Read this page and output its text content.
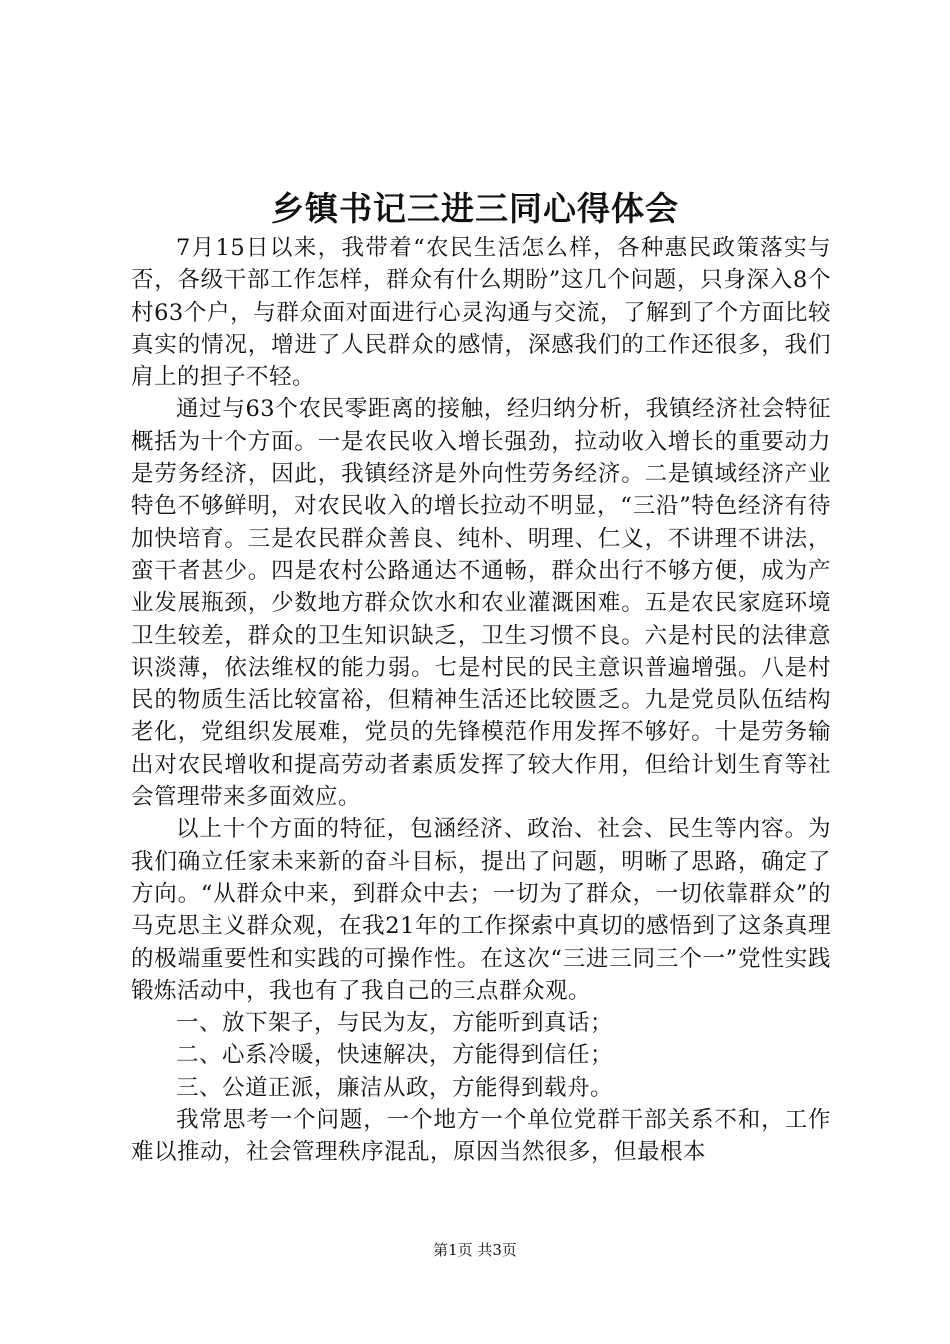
乡镇书记三进三同心得体会

7月15日以来，我带着“农民生活怎么样，各种惠民政策落实与否，各级干部工作怎样，群众有什么期盼”这几个问题，只身深入8个村63个户，与群众面对面进行心灵沟通与交流，了解到了个方面比较真实的情况，增进了人民群众的感情，深感我们的工作还很多，我们肩上的担子不轻。

通过与63个农民零距离的接触，经归纳分析，我镇经济社会特征概括为十个方面。一是农民收入增长强劲，拉动收入增长的重要动力是劳务经济，因此，我镇经济是外向性劳务经济。二是镇域经济产业特色不够鲜明，对农民收入的增长拉动不明显，“三沿”特色经济有待加快培育。三是农民群众善良、纯朴、明理、仁义，不讲理不讲法，蛮干者甚少。四是农村公路通达不通畅，群众出行不够方便，成为产业发展瓶颈，少数地方群众饮水和农业灌溉困难。五是农民家庭环境卫生较差，群众的卫生知识缺乏，卫生习惯不良。六是村民的法律意识淡薄，依法维权的能力弱。七是村民的民主意识普遍增强。八是村民的物质生活比较富裕，但精神生活还比较匮乏。九是党员队伍结构老化，党组织发展难，党员的先锋模范作用发挥不够好。十是劳务输出对农民增收和提高劳动者素质发挥了较大作用，但给计划生育等社会管理带来多面效应。

以上十个方面的特征，包涵经济、政治、社会、民生等内容。为我们确立任家未来新的奋斗目标，提出了问题，明晰了思路，确定了方向。“从群众中来，到群众中去；一切为了群众，一切依靠群众”的马克思主义群众观，在我21年的工作探索中真切的感悟到了这条真理的极端重要性和实践的可操作性。在这次“三进三同三个一”党性实践锻炼活动中，我也有了我自己的三点群众观。

一、放下架子，与民为友，方能听到真话；

二、心系冷暖，快速解决，方能得到信任；

三、公道正派，廉洁从政，方能得到载舟。

我常思考一个问题，一个地方一个单位党群干部关系不和，工作难以推动，社会管理秩序混乱，原因当然很多，但最根本

第1页 共3页
